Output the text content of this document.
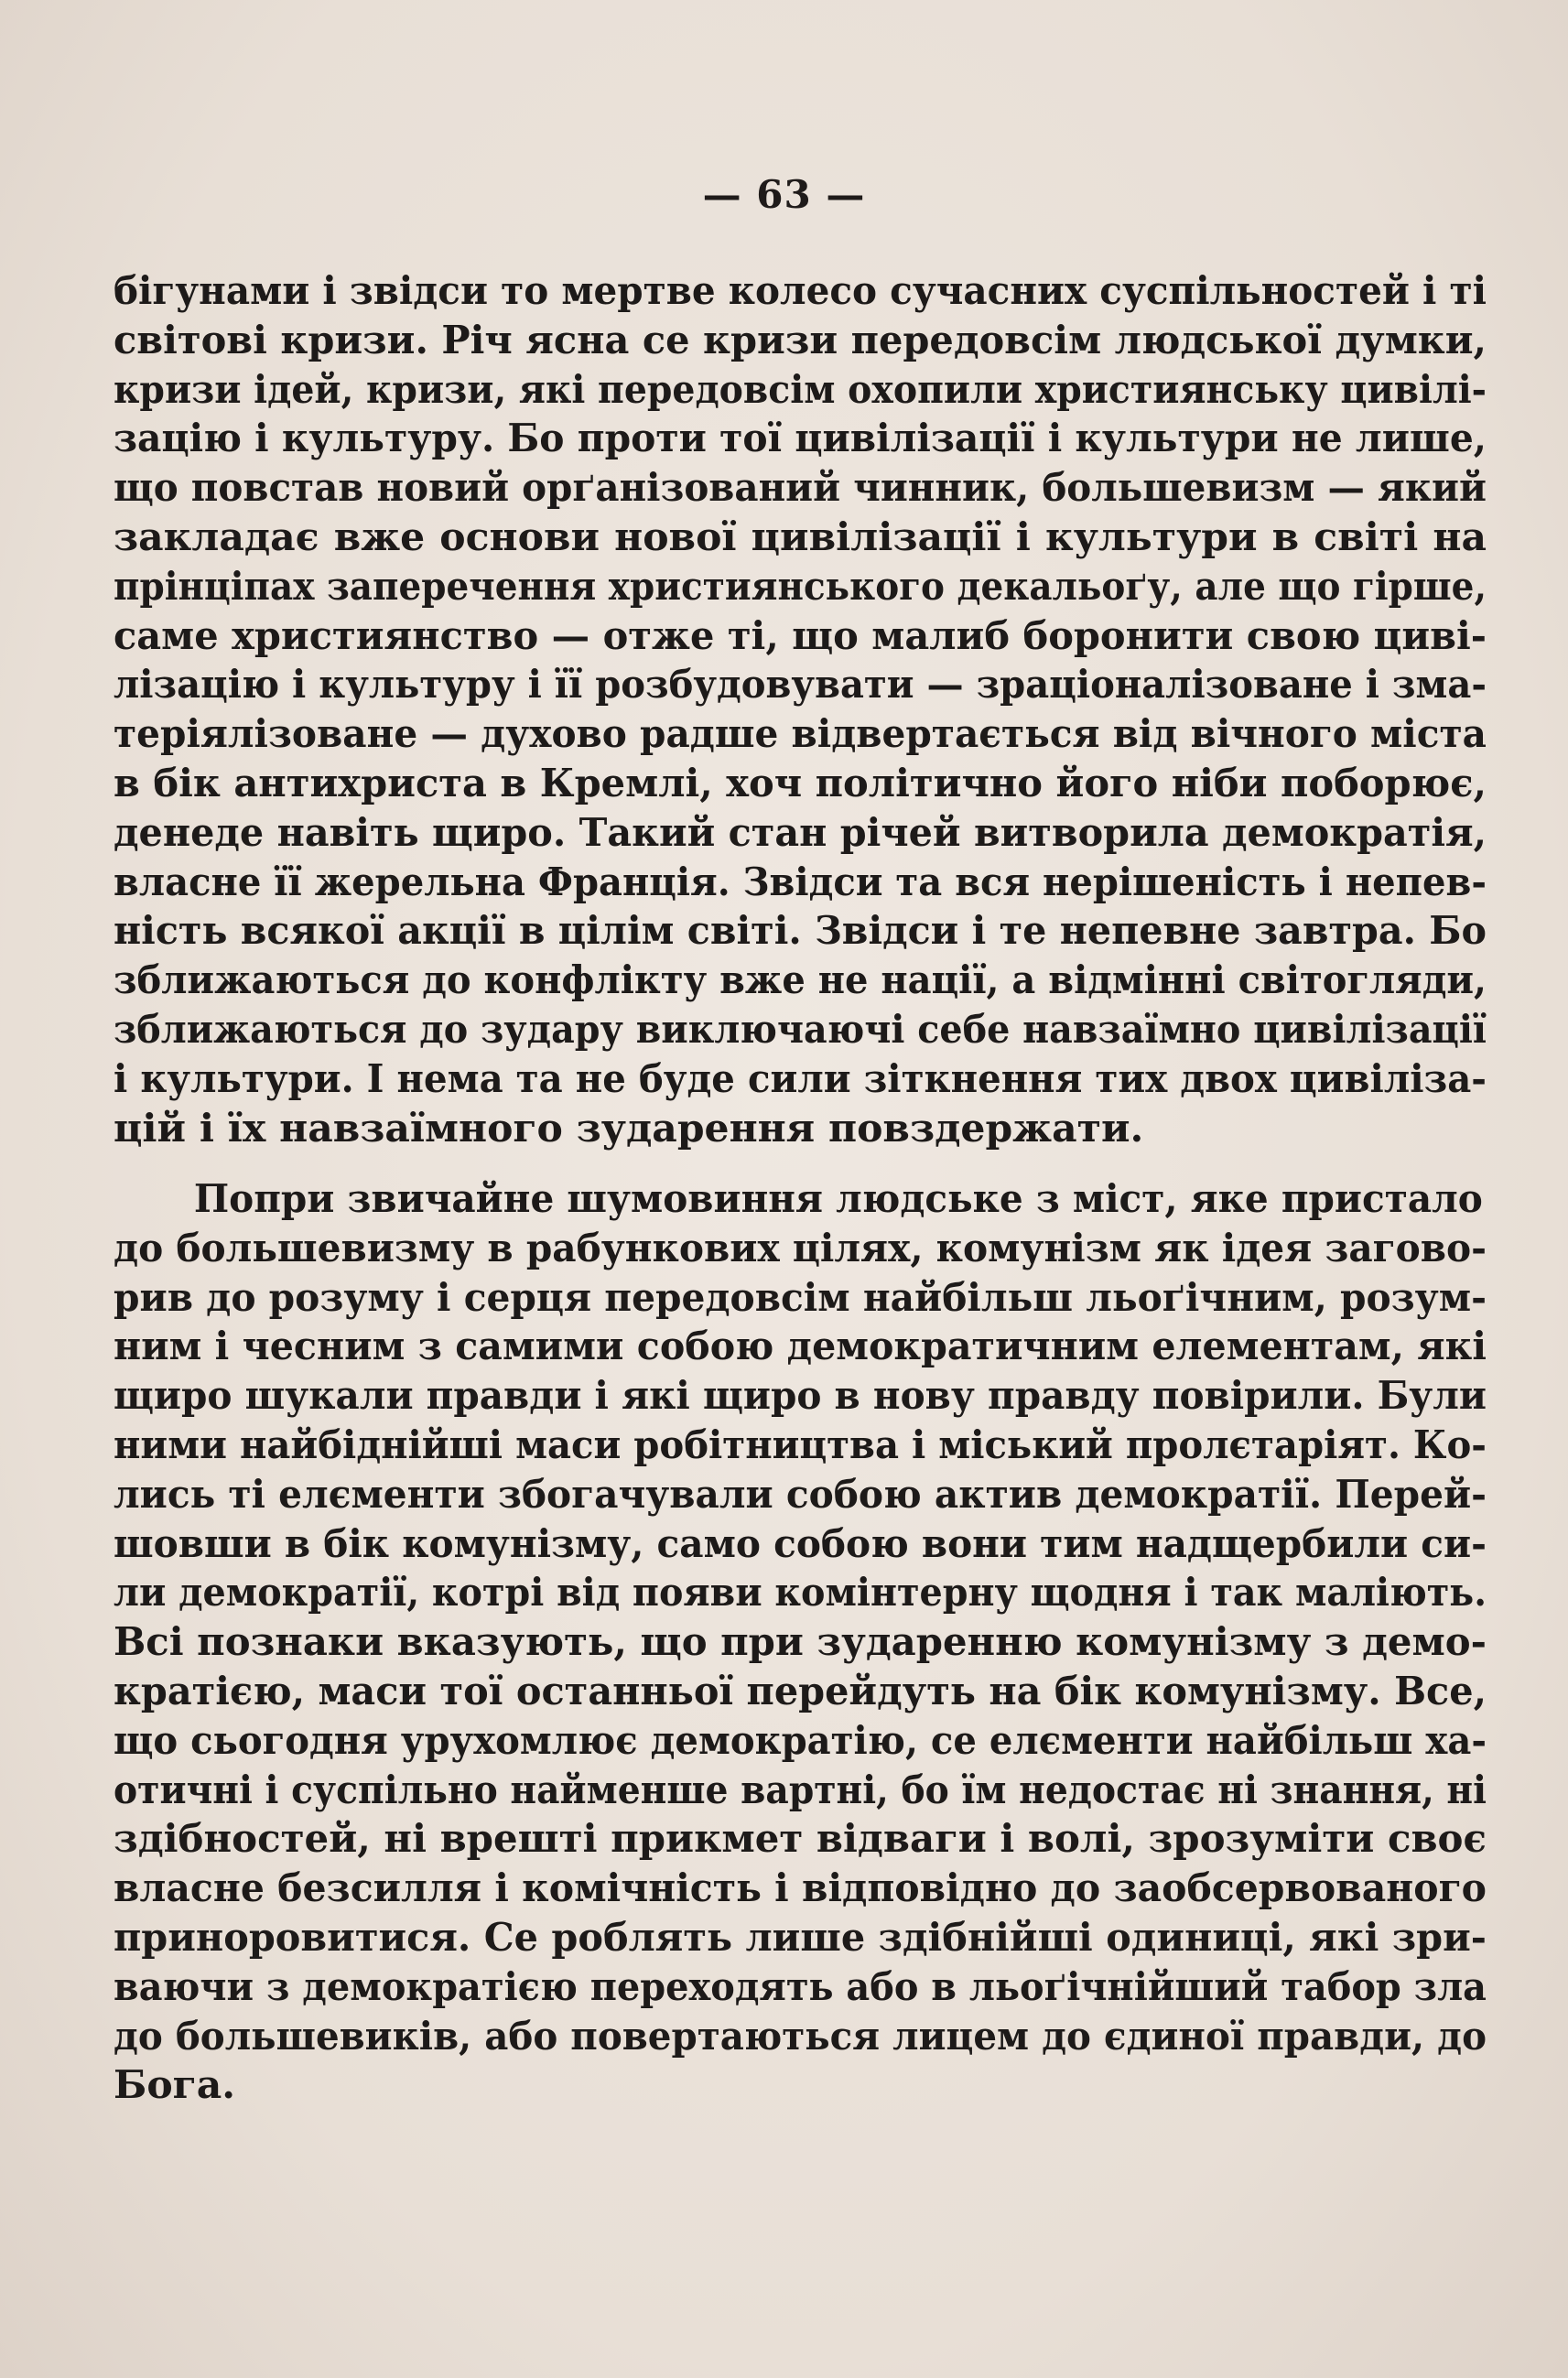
— 63 —
бігунами і звідси то мертве колесо сучасних суспільностей і ті
світові кризи. Річ ясна се кризи передовсім людської думки,
кризи ідей, кризи, які передовсім охопили християнську цивілі-
зацію і культуру. Бо проти тої цивілізації і культури не лише,
що повстав новий орґанізований чинник, большевизм — який
закладає вже основи нової цивілізації і культури в світі на
прінціпах заперечення християнського декальоґу, але що гірше,
саме християнство — отже ті, що малиб боронити свою циві-
лізацію і культуру і її розбудовувати — зраціоналізоване і зма-
теріялізоване — духово радше відвертається від вічного міста
в бік антихриста в Кремлі, хоч політично його ніби поборює,
денеде навіть щиро. Такий стан річей витворила демократія,
власне її жерельна Франція. Звідси та вся нерішеність і непев-
ність всякої акції в цілім світі. Звідси і те непевне завтра. Бо
зближаються до конфлікту вже не нації, а відмінні світогляди,
зближаються до зудару виключаючі себе навзаїмно цивілізації
і культури. І нема та не буде сили зіткнення тих двох цивіліза-
цій і їх навзаїмного зударення повздержати.
Попри звичайне шумовиння людське з міст, яке пристало
до большевизму в рабункових цілях, комунізм як ідея загово-
рив до розуму і серця передовсім найбільш льоґічним, розум-
ним і чесним з самими собою демократичним елементам, які
щиро шукали правди і які щиро в нову правду повірили. Були
ними найбіднійші маси робітництва і міський пролєтаріят. Ко-
лись ті елєменти збогачували собою актив демократії. Перей-
шовши в бік комунізму, само собою вони тим надщербили си-
ли демократії, котрі від появи комінтерну щодня і так маліють.
Всі познаки вказують, що при зударенню комунізму з демо-
кратією, маси тої останньої перейдуть на бік комунізму. Все,
що сьогодня урухомлює демократію, се елєменти найбільш ха-
отичні і суспільно найменше вартні, бо їм недостає ні знання, ні
здібностей, ні врешті прикмет відваги і волі, зрозуміти своє
власне безсилля і комічність і відповідно до заобсервованого
приноровитися. Се роблять лише здібнійші одиниці, які зри-
ваючи з демократією переходять або в льоґічнійший табор зла
до большевиків, або повертаються лицем до єдиної правди, до
Бога.
